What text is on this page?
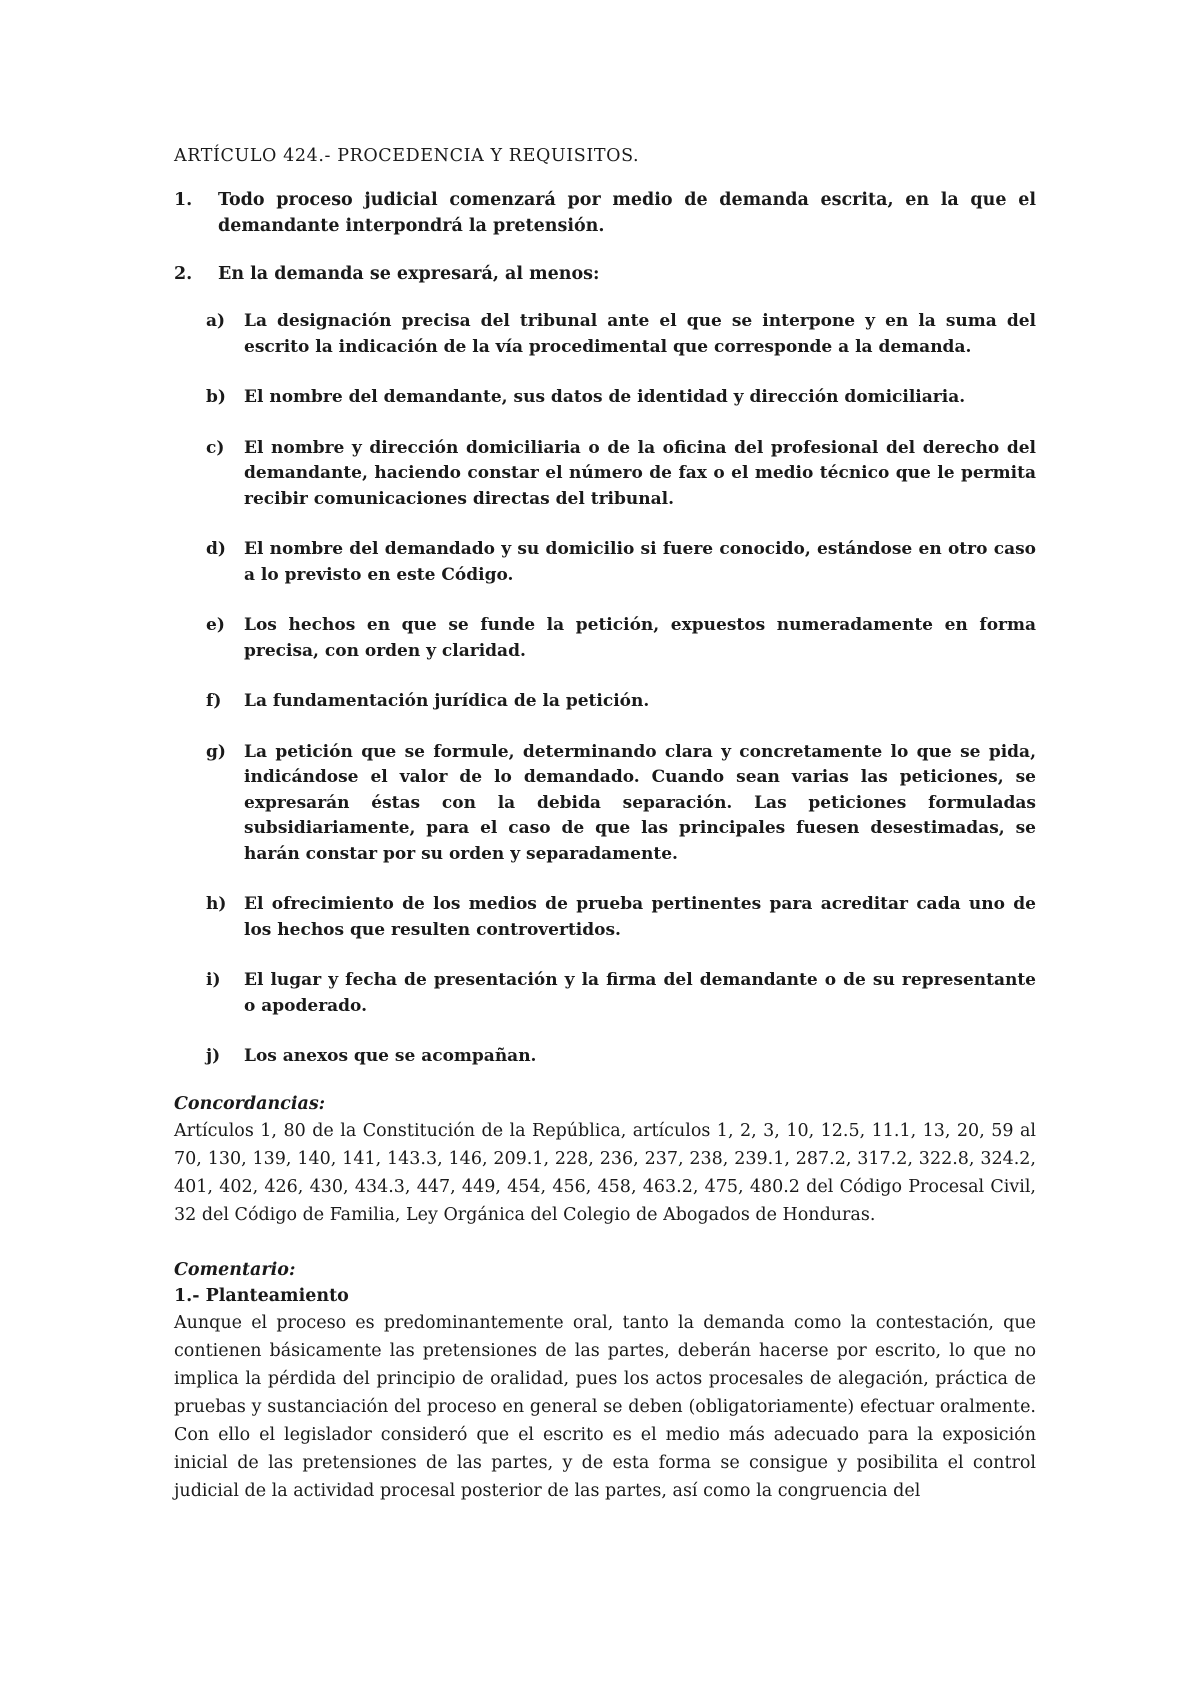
ARTÍCULO 424.- PROCEDENCIA Y REQUISITOS.
1.	Todo proceso judicial comenzará por medio de demanda escrita, en la que el demandante interpondrá la pretensión.
2.	En la demanda se expresará, al menos:
a)	La designación precisa del tribunal ante el que se interpone y en la suma del escrito la indicación de la vía procedimental que corresponde a la demanda.
b)	El nombre del demandante, sus datos de identidad y dirección domiciliaria.
c)	El nombre y dirección domiciliaria o de la oficina del profesional del derecho del demandante, haciendo constar el número de fax o el medio técnico que le permita recibir comunicaciones directas del tribunal.
d)	El nombre del demandado y su domicilio si fuere conocido, estándose en otro caso a lo previsto en este Código.
e)	Los hechos en que se funde la petición, expuestos numeradamente en forma precisa, con orden y claridad.
f)	La fundamentación jurídica de la petición.
g)	La petición que se formule, determinando clara y concretamente lo que se pida, indicándose el valor de lo demandado. Cuando sean varias las peticiones, se expresarán éstas con la debida separación. Las peticiones formuladas subsidiariamente, para el caso de que las principales fuesen desestimadas, se harán constar por su orden y separadamente.
h)	El ofrecimiento de los medios de prueba pertinentes para acreditar cada uno de los hechos que resulten controvertidos.
i)	El lugar y fecha de presentación y la firma del demandante o de su representante o apoderado.
j)	Los anexos que se acompañan.
Concordancias:

Artículos 1, 80 de la Constitución de la República, artículos 1, 2, 3, 10, 12.5, 11.1, 13, 20, 59 al 70, 130, 139, 140, 141, 143.3, 146, 209.1, 228, 236, 237, 238, 239.1, 287.2, 317.2, 322.8, 324.2, 401, 402, 426, 430, 434.3, 447, 449, 454, 456, 458, 463.2, 475, 480.2 del Código Procesal Civil, 32 del Código de Familia, Ley Orgánica del Colegio de Abogados de Honduras.

Comentario:
1.- Planteamiento

Aunque el proceso es predominantemente oral, tanto la demanda como la contestación, que contienen básicamente las pretensiones de las partes, deberán hacerse por escrito, lo que no implica la pérdida del principio de oralidad, pues los actos procesales de alegación, práctica de pruebas y sustanciación del proceso en general se deben (obligatoriamente) efectuar oralmente. Con ello el legislador consideró que el escrito es el medio más adecuado para la exposición inicial de las pretensiones de las partes, y de esta forma se consigue y posibilita el control judicial de la actividad procesal posterior de las partes, así como la congruencia del
